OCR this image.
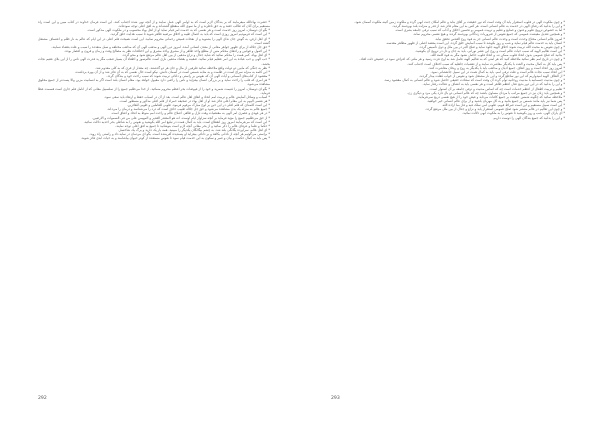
* حضرت بهاءالله میفرمایند که بر بندگان لازم است که به اوامر الهی عمل نمایند و از آنچه نهی شده اجتناب کنند. این است فرمان خداوند در کتاب مبین و این است راه مستقیم برای آنان که طالب حقند و به حق ناظرند و از ما سوی الله منقطع گشته‌اند و به افق اعلی توجه نموده‌اند.

* بگو ای دوستان، امروز روز خدمت است و هر نفسی که به خدمت امر قیام نماید او از اهل بهاء محسوب و در ملکوت الهی مذکور است.

* این است که فرمودیم امروز روزی است که باید به اعمال طیبه و اخلاق مرضیه ظاهر شوید تا سبب هدایت خلق گردید.

* ای اهل ارض، به گوش جان ندای الهی را بشنوید و از نفحات قمیص رحمانی محروم نمانید. این است نصیحت قلم اعلی در این ایام که عالم به نار ظلم و اعتساف مشتعل گشته است.

* حق جل جلاله از برای ظهور جواهر معانی از معدن انسانی آمده. امروز دین الهی و مذهب الهی آن که مذاهب مختلفه و سبل متعدده را سبب و علت بغضاء ننمایند.

* این اصول و قوانین و راه‌های محکم متین از مطلع واحد ظاهر و از مشرق واحد مشرق و این اختلافات نظر به مصالح وقت و زمان و قرون و اعصار بوده.

* ای اهل بهاء، کمر همت را محکم نمائید که شاید جدال و نزاع مذهبی از بین اهل عالم مرتفع شود و محو گردد.

* حب الهی و حب عباده به این امر عظیم قیام نمائید. ضغینه و بغضاء مذهبی ناری است عالم‌سوز و اطفاء آن بسیار صعب مگر ید قدرت الهی ناس را از این بلای عقیم نجات بخشد.

* نظر به جنگی که مابین دو دولت واقع ملاحظه نمائید طرفین از مال و جان هر دو گذشتند. چه مقدار از قری که به کلی معدوم شد.

* این کلمه به منزله سراج است در ظلمت و به مثابه شمس است در آسمان دانش. نیکو است حال نفسی که به آن فائز شد و از آن بهره برداشت.

* مقصود از کتاب‌های آسمانی و آیات الهی آن که نفوس بر راستی و دانائی تربیت شوند که سبب راحت خود و بندگان گردد.

* هر امری که قلب را راحت نماید و بر بزرگی انسان بیفزاید و ناس را راضی دارد مقبول خواهد بود. مقام انسان بلند است اگر به انسانیت مزین والا پست‌تر از جمیع مخلوق مشاهده می‌شود.

* بگو ای دوستان، امروز را غنیمت شمرید و خود را از فیوضات بحر اعظم محروم منمائید. از خدا می‌طلبم جمیع را از سلسبیل معانی که از انامل قلم جاری است قسمت عطا فرماید.

* اسباب و وسائل آسایش عالم و تربیت امم اتحاد و اتفاق اهل عالم است. بعد از آن در اسباب حفظ و ارتقاء باید سعی نمود.

* هر نفسی الیوم به این مقام اعلی فائز شد او از اهل بهاء در صحیفه حمراء از قلم اعلی مذکور و مسطور است.

* این است کلمه‌ای که قلم اعلی در این حین بر لوح مبارک مرقوم فرمود. طوبی للعاملین و طوبی للفائزین.

* جمیع عالم به منزله یک بدن مشاهده می‌شود و حق جل جلاله طبیب حاذق است که درد را می‌شناسد و درمان را می‌داند.

* در هر عهدی و عصری امر الهی به مقتضیات وقت نازل و ظاهر. اصلاح عالم و راحت امم منوط به اتحاد و اتفاق است.

* از حق می‌طلبیم جمیع را مؤید فرماید بر آنچه سزاوار ایام اوست. انه هو المقتدر القدیر و المهیمن علی من فی السموات و الارضین.

* این است که می‌فرمایند امروز روز انقطاع است. باید به کمال همت در تبلیغ امر الله بکوشید و نفوس را به شاطی بحر احدیه دلالت نمائید.

* حکما و علما و عرفای عالم را ذکر نمائید و از بحر معانی آنچه لازم است بنوشانید تا جمیع به افق اعلی توجه نمایند.

* ای اهل عالم، سراپرده یگانگی بلند شد. به چشم بیگانگان یکدیگر را مبینید. همه بار یک دارید و برگ یک شاخسار.

* براستی می‌گوئیم هر آنچه از نادانی بکاهد و بر دانائی بیفزاید او پسندیده آفریننده است. بگو ای مردمان در سایه داد و راستی راه روید.

* پس باید به کمال حکمت و بیان و صبر و سکون به این خدمت قیام نمود تا نفوس مستعده از کوثر حیوان بیاشامند و به حیات ابدی فائز شوند.

292

* و چون ملکوت الهی در قلوب استقرار یابد آن وقت است که نور حقیقت بر آفاق بتابد و عالم امکان جنت ابهی گردد و ملکوت زمین آئینه ملکوت آسمان شود.

* و این را بدانید که رضای الهی در خدمت به عالم انسانی است. هر کس به این مقام فائز شد از قدر و منزلت بلند بهره‌مند گردید.

* اما به خصوص ترویج علوم و فنون و صنایع و تعلیم و تربیت عمومی و تحسین اخلاق و آداب که سبب ترقی جامعه بشری است.

* و همچنین تعدیل معیشت عمومی که جمیع نفوس از ضروریات زندگانی بهره‌مند گردند و هیچ نفسی محروم نماند.

* امروز عالم انسانی محتاج وحدت است و وحدت عالم انسانی جز به قوه روح القدس تحقق نیابد.

* انسان باید به خدمت عالم قیام نماید و شب و روز بکوشد تا سبب آسایش خلق گردد. این است مقصد اصلی از ظهور مظاهر مقدسه.

* و چون نفوس به محبت الله تربیت شوند اخلاق الهیه جلوه نماید و صلح اکبر در بین ملل و دول تأسیس گردد.

* این است تعالیم الهیه که سبب حیات عالم است و روح این عصر نورانی. باید به جان و دل در ترویج آن بکوشید.

* بدانید که صلح عمومی بدون اتحاد قلوب ممکن نه. و اتحاد قلوب حاصل نشود مگر به قوه کلمة الله.

* و چون در تاریخ امم نظر نمائید ملاحظه کنید که هر امتی که به تعالیم الهیه عامل شد به اوج عزت رسید و هر ملتی که اعراض نمود در حضیض ذلت افتاد.

* پس باید کل به کمال محبت و الفت با یکدیگر معاشرت نمایند و از تعصبات جاهلیه که سبب اختلاف است اجتناب کنند.

* امروز روز اتحاد است و روز اتفاق. جمیع ادیان و مذاهب باید با یکدیگر به روح و ریحان معاشرت کنند.

* این اتحاد سبب نجات عالم است و علت ترقی امم. باید به کمال همت در این سبیل جانفشانی نمود.

* از الطاف الهیه امیدواریم که این نور ساطع گردد و این نار مشتعل شود و نفوس از خواب غفلت بیدار گردند.

* و چون مدنیت جسمانیه با مدنیت روحانیه توأم گردد آن وقت است که سعادت حقیقی حاصل شود و عالم انسانی به کمال مقصود رسد.

* و این را بدانید که در این دور بدیع عدل اعظم ظاهر است و هر نفسی باید به انصاف و عدالت رفتار نماید.

* تعلیم و تربیت اطفال از اعظم خدمات است چه که اساس مدنیت و ترقی جامعه بر آن استوار است.

* و همچنین باید زنان نیز در جمیع مراتب با مردان مساوی باشند چه که عالم انسانی دو بال دارد یکی مرد و دیگری زن.

* ملاحظه نمائید که چگونه شمس حقیقت بر جمیع کائنات می‌تابد و فیض خود را از هیچ نفسی دریغ نمی‌فرماید.

* پس شما نیز باید مانند شمس بر جمیع بتابید و به کل مهربان باشید و از برای عالم انسانی خیر خواهید.

* این است سبیل مستقیم و این است صراط قویم. طوبی لمن سلک فیه و فاز بما اراده الله.

* و چون این تعالیم در عالم منتشر شود صلح عمومی استقرار یابد و نزاع و جدال از بین ملل مرتفع گردد.

* ای یاران الهی، شب و روز بکوشید تا نفوس را به ملکوت ابهی دلالت نمائید.

* و این را بدانید که جمیع بندگان الهی را دوست داریم.

293
